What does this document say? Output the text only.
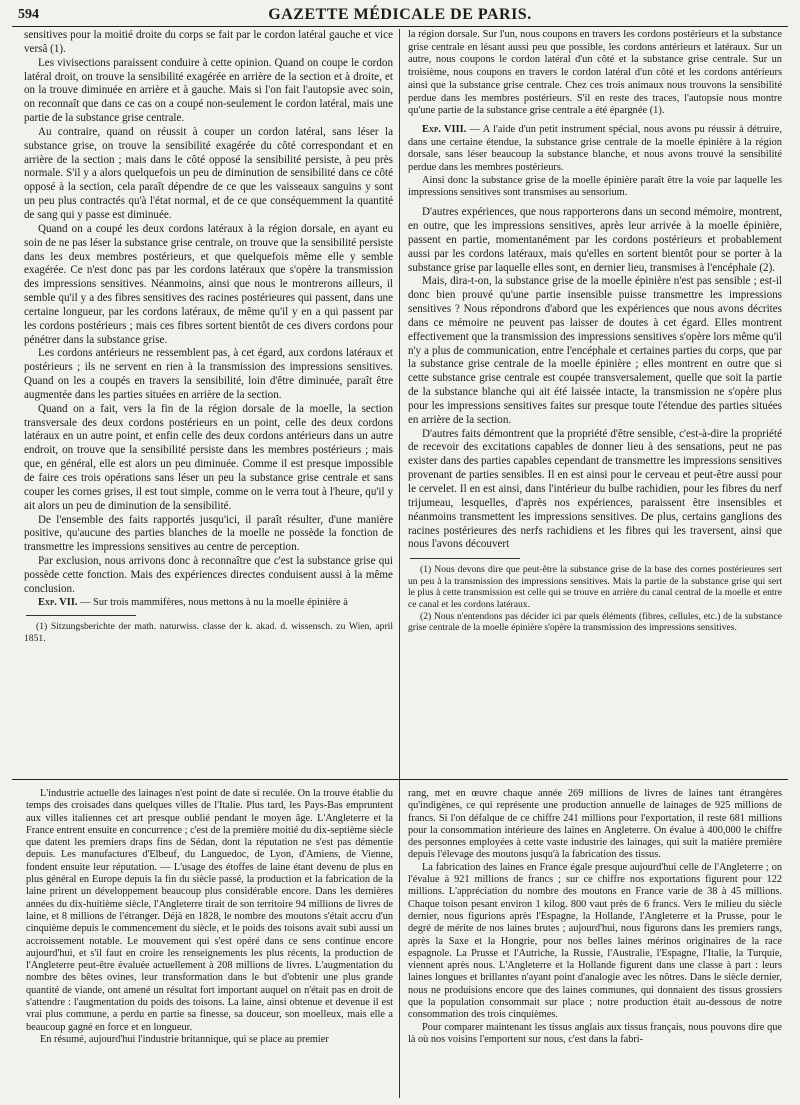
594	GAZETTE MÉDICALE DE PARIS.

sensitives pour la moitié droite du corps se fait par le cordon latéral gauche et vice versâ (1).

Les vivisections paraissent conduire à cette opinion. Quand on coupe le cordon latéral droit, on trouve la sensibilité exagérée en arrière de la section et à droite, et on la trouve diminuée en arrière et à gauche. Mais si l'on fait l'autopsie avec soin, on reconnaît que dans ce cas on a coupé non-seulement le cordon latéral, mais une partie de la substance grise centrale.

Au contraire, quand on réussit à couper un cordon latéral, sans léser la substance grise, on trouve la sensibilité exagérée du côté correspondant et en arrière de la section ; mais dans le côté opposé la sensibilité persiste, à peu près normale. S'il y a alors quelquefois un peu de diminution de sensibilité dans ce côté opposé à la section, cela paraît dépendre de ce que les vaisseaux sanguins y sont un peu plus contractés qu'à l'état normal, et de ce que conséquemment la quantité de sang qui y passe est diminuée.

Quand on a coupé les deux cordons latéraux à la région dorsale, en ayant eu soin de ne pas léser la substance grise centrale, on trouve que la sensibilité persiste dans les deux membres postérieurs, et que quelquefois même elle y semble exagérée. Ce n'est donc pas par les cordons latéraux que s'opère la transmission des impressions sensitives. Néanmoins, ainsi que nous le montrerons ailleurs, il semble qu'il y a des fibres sensitives des racines postérieures qui passent, dans une certaine longueur, par les cordons latéraux, de même qu'il y en a qui passent par les cordons postérieurs ; mais ces fibres sortent bientôt de ces divers cordons pour pénétrer dans la substance grise.

Les cordons antérieurs ne ressemblent pas, à cet égard, aux cordons latéraux et postérieurs ; ils ne servent en rien à la transmission des impressions sensitives. Quand on les a coupés en travers la sensibilité, loin d'être diminuée, paraît être augmentée dans les parties situées en arrière de la section.

Quand on a fait, vers la fin de la région dorsale de la moelle, la section transversale des deux cordons postérieurs en un point, celle des deux cordons latéraux en un autre point, et enfin celle des deux cordons antérieurs dans un autre endroit, on trouve que la sensibilité persiste dans les membres postérieurs ; mais que, en général, elle est alors un peu diminuée. Comme il est presque impossible de faire ces trois opérations sans léser un peu la substance grise centrale et sans couper les cornes grises, il est tout simple, comme on le verra tout à l'heure, qu'il y ait alors un peu de diminution de la sensibilité.

De l'ensemble des faits rapportés jusqu'ici, il paraît résulter, d'une manière positive, qu'aucune des parties blanches de la moelle ne possède la fonction de transmettre les impressions sensitives au centre de perception.

Par exclusion, nous arrivons donc à reconnaître que c'est la substance grise qui possède cette fonction. Mais des expériences directes conduisent aussi à la même conclusion.

Exp. VII. — Sur trois mammifères, nous mettons à nu la moelle épinière à

(1) Sitzungsberichte der math. naturwiss. classe der k. akad. d. wissensch. zu Wien, april 1851.

la région dorsale. Sur l'un, nous coupons en travers les cordons postérieurs et la substance grise centrale en lésant aussi peu que possible, les cordons antérieurs et latéraux. Sur un autre, nous coupons le cordon latéral d'un côté et la substance grise centrale. Sur un troisième, nous coupons en travers le cordon latéral d'un côté et les cordons antérieurs ainsi que la substance grise centrale. Chez ces trois animaux nous trouvons la sensibilité perdue dans les membres postérieurs. S'il en reste des traces, l'autopsie nous montre qu'une partie de la substance grise centrale a été épargnée (1).

Exp. VIII. — A l'aide d'un petit instrument spécial, nous avons pu réussir à détruire, dans une certaine étendue, la substance grise centrale de la moelle épinière à la région dorsale, sans léser beaucoup la substance blanche, et nous avons trouvé la sensibilité perdue dans les membres postérieurs.

Ainsi donc la substance grise de la moelle épinière paraît être la voie par laquelle les impressions sensitives sont transmises au sensorium.

D'autres expériences, que nous rapporterons dans un second mémoire, montrent, en outre, que les impressions sensitives, après leur arrivée à la moelle épinière, passent en partie, momentanément par les cordons postérieurs et probablement aussi par les cordons latéraux, mais qu'elles en sortent bientôt pour se porter à la substance grise par laquelle elles sont, en dernier lieu, transmises à l'encéphale (2).

Mais, dira-t-on, la substance grise de la moelle épinière n'est pas sensible ; est-il donc bien prouvé qu'une partie insensible puisse transmettre les impressions sensitives ? Nous répondrons d'abord que les expériences que nous avons décrites dans ce mémoire ne peuvent pas laisser de doutes à cet égard. Elles montrent effectivement que la transmission des impressions sensitives s'opère lors même qu'il n'y a plus de communication, entre l'encéphale et certaines parties du corps, que par la substance grise centrale de la moelle épinière ; elles montrent en outre que si cette substance grise centrale est coupée transversalement, quelle que soit la partie de la substance blanche qui ait été laissée intacte, la transmission ne s'opère plus pour les impressions sensitives faites sur presque toute l'étendue des parties situées en arrière de la section.

D'autres faits démontrent que la propriété d'être sensible, c'est-à-dire la propriété de recevoir des excitations capables de donner lieu à des sensations, peut ne pas exister dans des parties capables cependant de transmettre les impressions sensitives provenant de parties sensibles. Il en est ainsi pour le cerveau et peut-être aussi pour le cervelet. Il en est ainsi, dans l'intérieur du bulbe rachidien, pour les fibres du nerf trijumeau, lesquelles, d'après nos expériences, paraissent être insensibles et néanmoins transmettent les impressions sensitives. De plus, certains ganglions des racines postérieures des nerfs rachidiens et les fibres qui les traversent, ainsi que nous l'avons découvert

(1) Nous devons dire que peut-être la substance grise de la base des cornes postérieures sert un peu à la transmission des impressions sensitives. Mais la partie de la substance grise qui sert le plus à cette transmission est celle qui se trouve en arrière du canal central de la moelle et entre ce canal et les cordons latéraux.

(2) Nous n'entendons pas décider ici par quels éléments (fibres, cellules, etc.) de la substance grise centrale de la moelle épinière s'opère la transmission des impressions sensitives.

L'industrie actuelle des lainages n'est point de date si reculée. On la trouve établie du temps des croisades dans quelques villes de l'Italie. Plus tard, les Pays-Bas empruntent aux villes italiennes cet art presque oublié pendant le moyen âge. L'Angleterre et la France entrent ensuite en concurrence ; c'est de la première moitié du dix-septième siècle que datent les premiers draps fins de Sédan, dont la réputation ne s'est pas démentie depuis. Les manufactures d'Elbeuf, du Languedoc, de Lyon, d'Amiens, de Vienne, fondent ensuite leur réputation. — L'usage des étoffes de laine étant devenu de plus en plus général en Europe depuis la fin du siècle passé, la production et la fabrication de la laine prirent un développement beaucoup plus considérable encore. Dans les dernières années du dix-huitième siècle, l'Angleterre tirait de son territoire 94 millions de livres de laine, et 8 millions de l'étranger. Déjà en 1828, le nombre des moutons s'était accru d'un cinquième depuis le commencement du siècle, et le poids des toisons avait subi aussi un accroissement notable. Le mouvement qui s'est opéré dans ce sens continue encore aujourd'hui, et s'il faut en croire les renseignements les plus récents, la production de l'Angleterre peut-être évaluée actuellement à 208 millions de livres. L'augmentation du nombre des bêtes ovines, leur transformation dans le but d'obtenir une plus grande quantité de viande, ont amené un résultat fort important auquel on n'était pas en droit de s'attendre : l'augmentation du poids des toisons. La laine, ainsi obtenue et devenue il est vrai plus commune, a perdu en partie sa finesse, sa douceur, son moelleux, mais elle a beaucoup gagné en force et en longueur.

En résumé, aujourd'hui l'industrie britannique, qui se place au premier

rang, met en œuvre chaque année 269 millions de livres de laines tant étrangères qu'indigènes, ce qui représente une production annuelle de lainages de 925 millions de francs. Si l'on défalque de ce chiffre 241 millions pour l'exportation, il reste 681 millions pour la consommation intérieure des laines en Angleterre. On évalue à 400,000 le chiffre des personnes employées à cette vaste industrie des lainages, qui suit la matière première depuis l'élevage des moutons jusqu'à la fabrication des tissus.

La fabrication des laines en France égale presque aujourd'hui celle de l'Angleterre ; on l'évalue à 921 millions de francs ; sur ce chiffre nos exportations figurent pour 122 millions. L'appréciation du nombre des moutons en France varie de 38 à 45 millions. Chaque toison pesant environ 1 kilog. 800 vaut près de 6 francs. Vers le milieu du siècle dernier, nous figurions après l'Espagne, la Hollande, l'Angleterre et la Prusse, pour le degré de mérite de nos laines brutes ; aujourd'hui, nous figurons dans les premiers rangs, après la Saxe et la Hongrie, pour nos belles laines mérinos originaires de la race espagnole. La Prusse et l'Autriche, la Russie, l'Australie, l'Espagne, l'Italie, la Turquie, viennent après nous. L'Angleterre et la Hollande figurent dans une classe à part : leurs laines longues et brillantes n'ayant point d'analogie avec les nôtres. Dans le siècle dernier, nous ne produisions encore que des laines communes, qui donnaient des tissus grossiers que la population consommait sur place ; notre production était au-dessous de notre consommation des trois cinquièmes.

Pour comparer maintenant les tissus anglais aux tissus français, nous pouvons dire que là où nos voisins l'emportent sur nous, c'est dans la fabri-
